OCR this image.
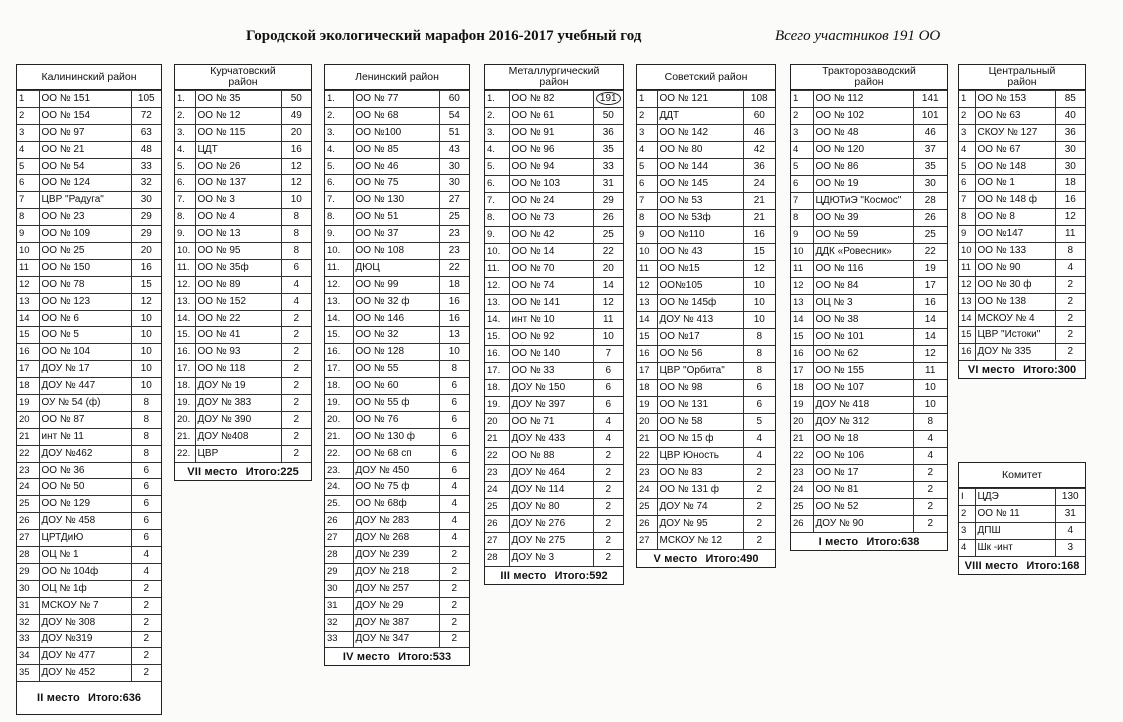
Городской экологический марафон 2016-2017 учебный год	Всего участников 191 ОО
Калининский район
1	ОО № 151	105
2	ОО № 154	72
3	ОО № 97	63
4	ОО № 21	48
5	ОО № 54	33
6	ОО № 124	32
7	ЦВР "Радуга"	30
8	ОО № 23	29
9	ОО № 109	29
10	ОО № 25	20
11	ОО № 150	16
12	ОО № 78	15
13	ОО № 123	12
14	ОО № 6	10
15	ОО № 5	10
16	ОО № 104	10
17	ДОУ № 17	10
18	ДОУ № 447	10
19	ОУ № 54 (ф)	8
20	ОО № 87	8
21	инт № 11	8
22	ДОУ №462	8
23	ОО № 36	6
24	ОО № 50	6
25	ОО № 129	6
26	ДОУ № 458	6
27	ЦРТДиЮ	6
28	ОЦ № 1	4
29	ОО № 104ф	4
30	ОЦ № 1ф	2
31	МСКОУ № 7	2
32	ДОУ № 308	2
33	ДОУ №319	2
34	ДОУ № 477	2
35	ДОУ № 452	2
II место Итого:636
Курчатовский район
1.	ОО № 35	50
2.	ОО № 12	49
3.	ОО № 115	20
4.	ЦДТ	16
5.	ОО № 26	12
6.	ОО № 137	12
7.	ОО № 3	10
8.	ОО № 4	8
9.	ОО № 13	8
10.	ОО № 95	8
11.	ОО № 35ф	6
12.	ОО № 89	4
13.	ОО № 152	4
14.	ОО № 22	2
15.	ОО № 41	2
16.	ОО № 93	2
17.	ОО № 118	2
18.	ДОУ № 19	2
19.	ДОУ № 383	2
20.	ДОУ № 390	2
21.	ДОУ №408	2
22.	ЦВР	2
VII место Итого:225
Ленинский район
1.	ОО № 77	60
2.	ОО № 68	54
3.	ОО №100	51
4.	ОО № 85	43
5.	ОО № 46	30
6.	ОО № 75	30
7.	ОО № 130	27
8.	ОО № 51	25
9.	ОО № 37	23
10.	ОО № 108	23
11.	ДЮЦ	22
12.	ОО № 99	18
13.	ОО № 32 ф	16
14.	ОО № 146	16
15.	ОО № 32	13
16.	ОО № 128	10
17.	ОО № 55	8
18.	ОО № 60	6
19.	ОО № 55 ф	6
20.	ОО № 76	6
21.	ОО № 130 ф	6
22.	ОО № 68 сп	6
23.	ДОУ № 450	6
24.	ОО № 75 ф	4
25.	ОО № 68ф	4
26	ДОУ № 283	4
27	ДОУ № 268	4
28	ДОУ № 239	2
29	ДОУ № 218	2
30	ДОУ № 257	2
31	ДОУ № 29	2
32	ДОУ № 387	2
33	ДОУ № 347	2
IV место Итого:533
Металлургический район
1.	ОО № 82	191
2.	ОО № 61	50
3.	ОО № 91	36
4.	ОО № 96	35
5.	ОО № 94	33
6.	ОО № 103	31
7.	ОО № 24	29
8.	ОО № 73	26
9.	ОО № 42	25
10.	ОО № 14	22
11.	ОО № 70	20
12.	ОО № 74	14
13.	ОО № 141	12
14.	инт № 10	11
15.	ОО № 92	10
16.	ОО № 140	7
17.	ОО № 33	6
18.	ДОУ № 150	6
19.	ДОУ № 397	6
20	ОО № 71	4
21	ДОУ № 433	4
22	ОО № 88	2
23	ДОУ № 464	2
24	ДОУ № 114	2
25	ДОУ № 80	2
26	ДОУ № 276	2
27	ДОУ № 275	2
28	ДОУ № 3	2
III место Итого:592
Советский район
1	ОО № 121	108
2	ДДТ	60
3	ОО № 142	46
4	ОО № 80	42
5	ОО № 144	36
6	ОО № 145	24
7	ОО № 53	21
8	ОО № 53ф	21
9	ОО №110	16
10	ОО № 43	15
11	ОО №15	12
12	ОО№105	10
13	ОО № 145ф	10
14	ДОУ № 413	10
15	ОО №17	8
16	ОО № 56	8
17	ЦВР "Орбита"	8
18	ОО № 98	6
19	ОО № 131	6
20	ОО № 58	5
21	ОО № 15 ф	4
22	ЦВР Юность	4
23	ОО № 83	2
24	ОО № 131 ф	2
25	ДОУ № 74	2
26	ДОУ № 95	2
27	МСКОУ № 12	2
V место Итого:490
Тракторозаводский район
1	ОО № 112	141
2	ОО № 102	101
3	ОО № 48	46
4	ОО № 120	37
5	ОО № 86	35
6	ОО № 19	30
7	ЦДЮТиЭ "Космос"	28
8	ОО № 39	26
9	ОО № 59	25
10	ДДК «Ровесник»	22
11	ОО № 116	19
12	ОО № 84	17
13	ОЦ № 3	16
14	ОО № 38	14
15	ОО № 101	14
16	ОО № 62	12
17	ОО № 155	11
18	ОО № 107	10
19	ДОУ № 418	10
20	ДОУ № 312	8
21	ОО № 18	4
22	ОО № 106	4
23	ОО № 17	2
24	ОО № 81	2
25	ОО № 52	2
26	ДОУ № 90	2
I место Итого:638
Центральный район
1	ОО № 153	85
2	ОО № 63	40
3	СКОУ № 127	36
4	ОО № 67	30
5	ОО № 148	30
6	ОО № 1	18
7	ОО № 148 ф	16
8	ОО № 8	12
9	ОО №147	11
10	ОО № 133	8
11	ОО № 90	4
12	ОО № 30 ф	2
13	ОО № 138	2
14	МСКОУ № 4	2
15	ЦВР "Истоки"	2
16	ДОУ № 335	2
VI место Итого:300
Комитет
I	ЦДЭ	130
2	ОО № 11	31
3	ДПШ	4
4	Шк -инт	3
VIII место Итого:168
